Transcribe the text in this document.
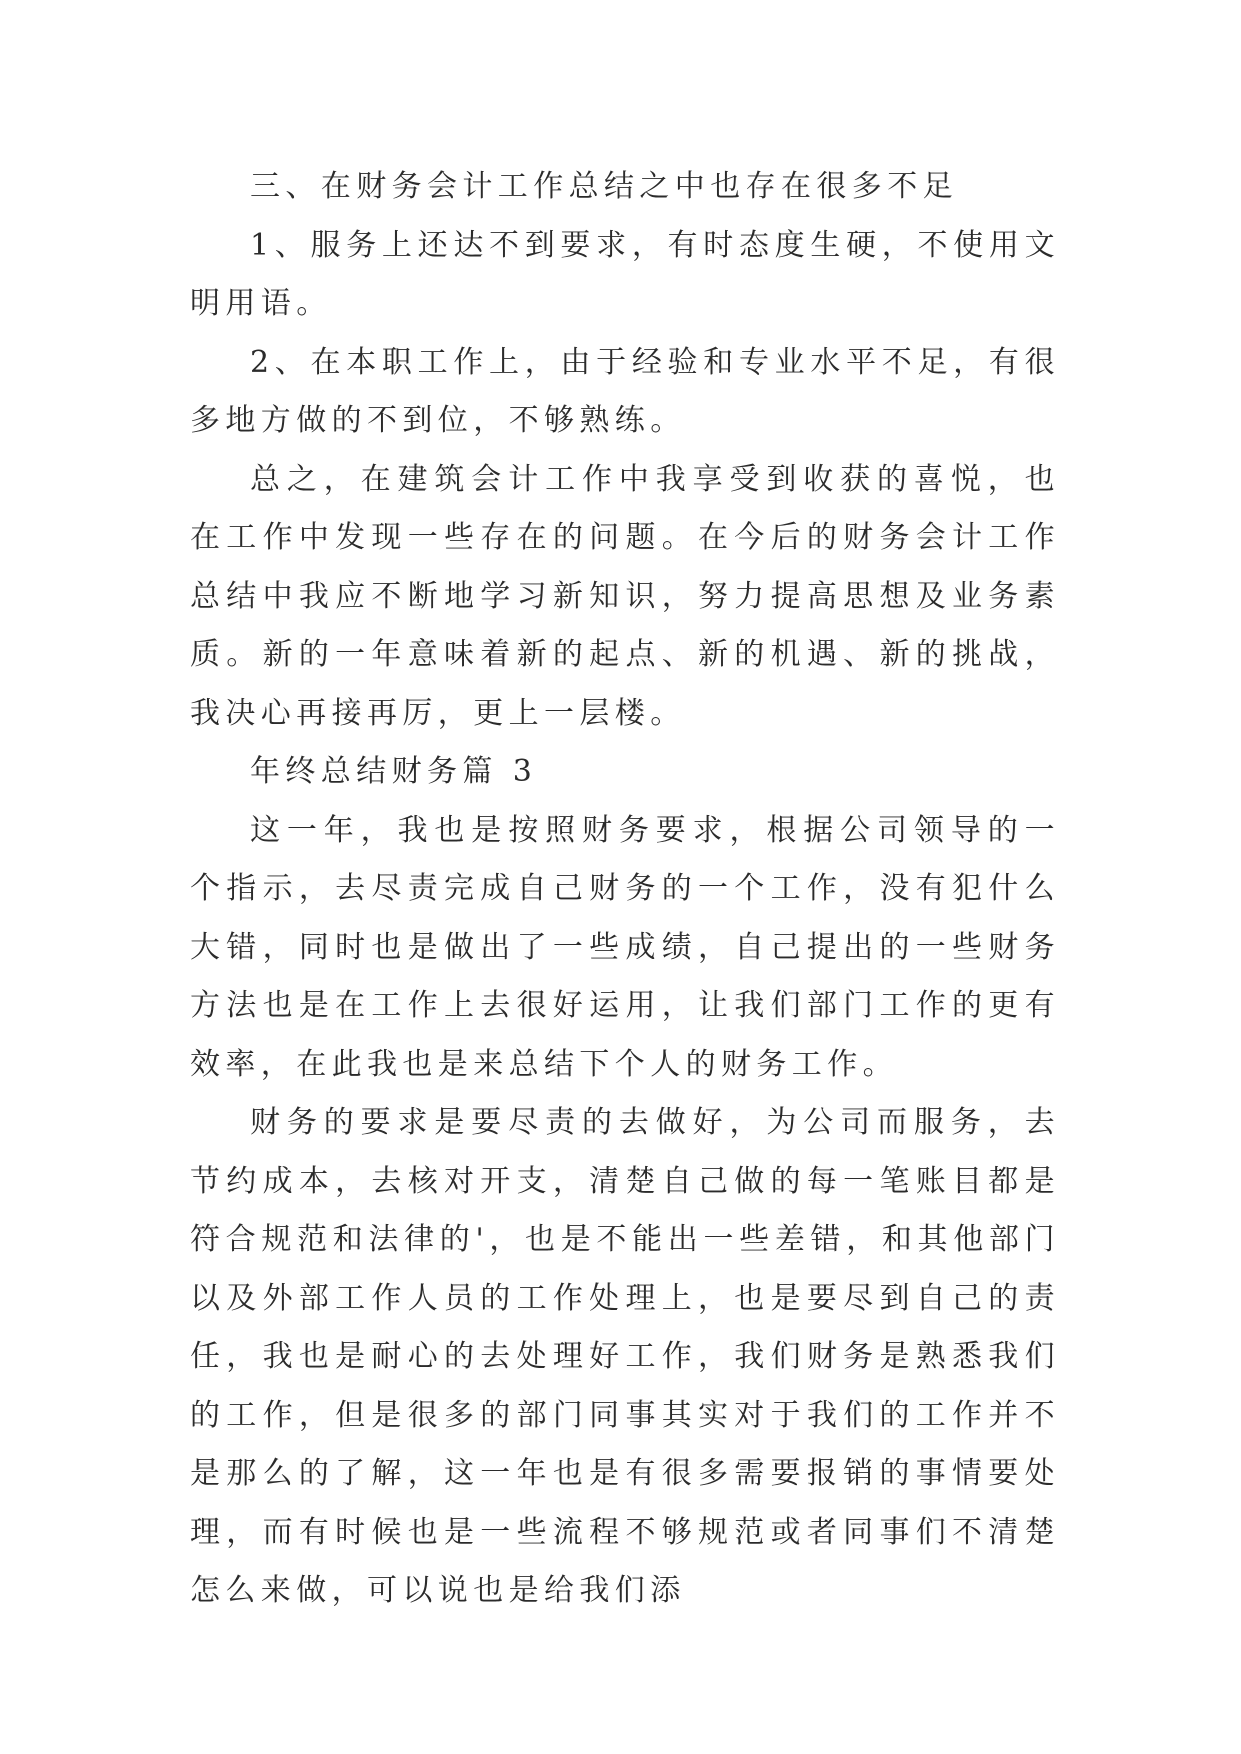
三、在财务会计工作总结之中也存在很多不足

1、服务上还达不到要求，有时态度生硬，不使用文明用语。

2、在本职工作上，由于经验和专业水平不足，有很多地方做的不到位，不够熟练。

总之，在建筑会计工作中我享受到收获的喜悦，也在工作中发现一些存在的问题。在今后的财务会计工作总结中我应不断地学习新知识，努力提高思想及业务素质。新的一年意味着新的起点、新的机遇、新的挑战，我决心再接再厉，更上一层楼。

年终总结财务篇 3

这一年，我也是按照财务要求，根据公司领导的一个指示，去尽责完成自己财务的一个工作，没有犯什么大错，同时也是做出了一些成绩，自己提出的一些财务方法也是在工作上去很好运用，让我们部门工作的更有效率，在此我也是来总结下个人的财务工作。

财务的要求是要尽责的去做好，为公司而服务，去节约成本，去核对开支，清楚自己做的每一笔账目都是符合规范和法律的'，也是不能出一些差错，和其他部门以及外部工作人员的工作处理上，也是要尽到自己的责任，我也是耐心的去处理好工作，我们财务是熟悉我们的工作，但是很多的部门同事其实对于我们的工作并不是那么的了解，这一年也是有很多需要报销的事情要处理，而有时候也是一些流程不够规范或者同事们不清楚怎么来做，可以说也是给我们添
